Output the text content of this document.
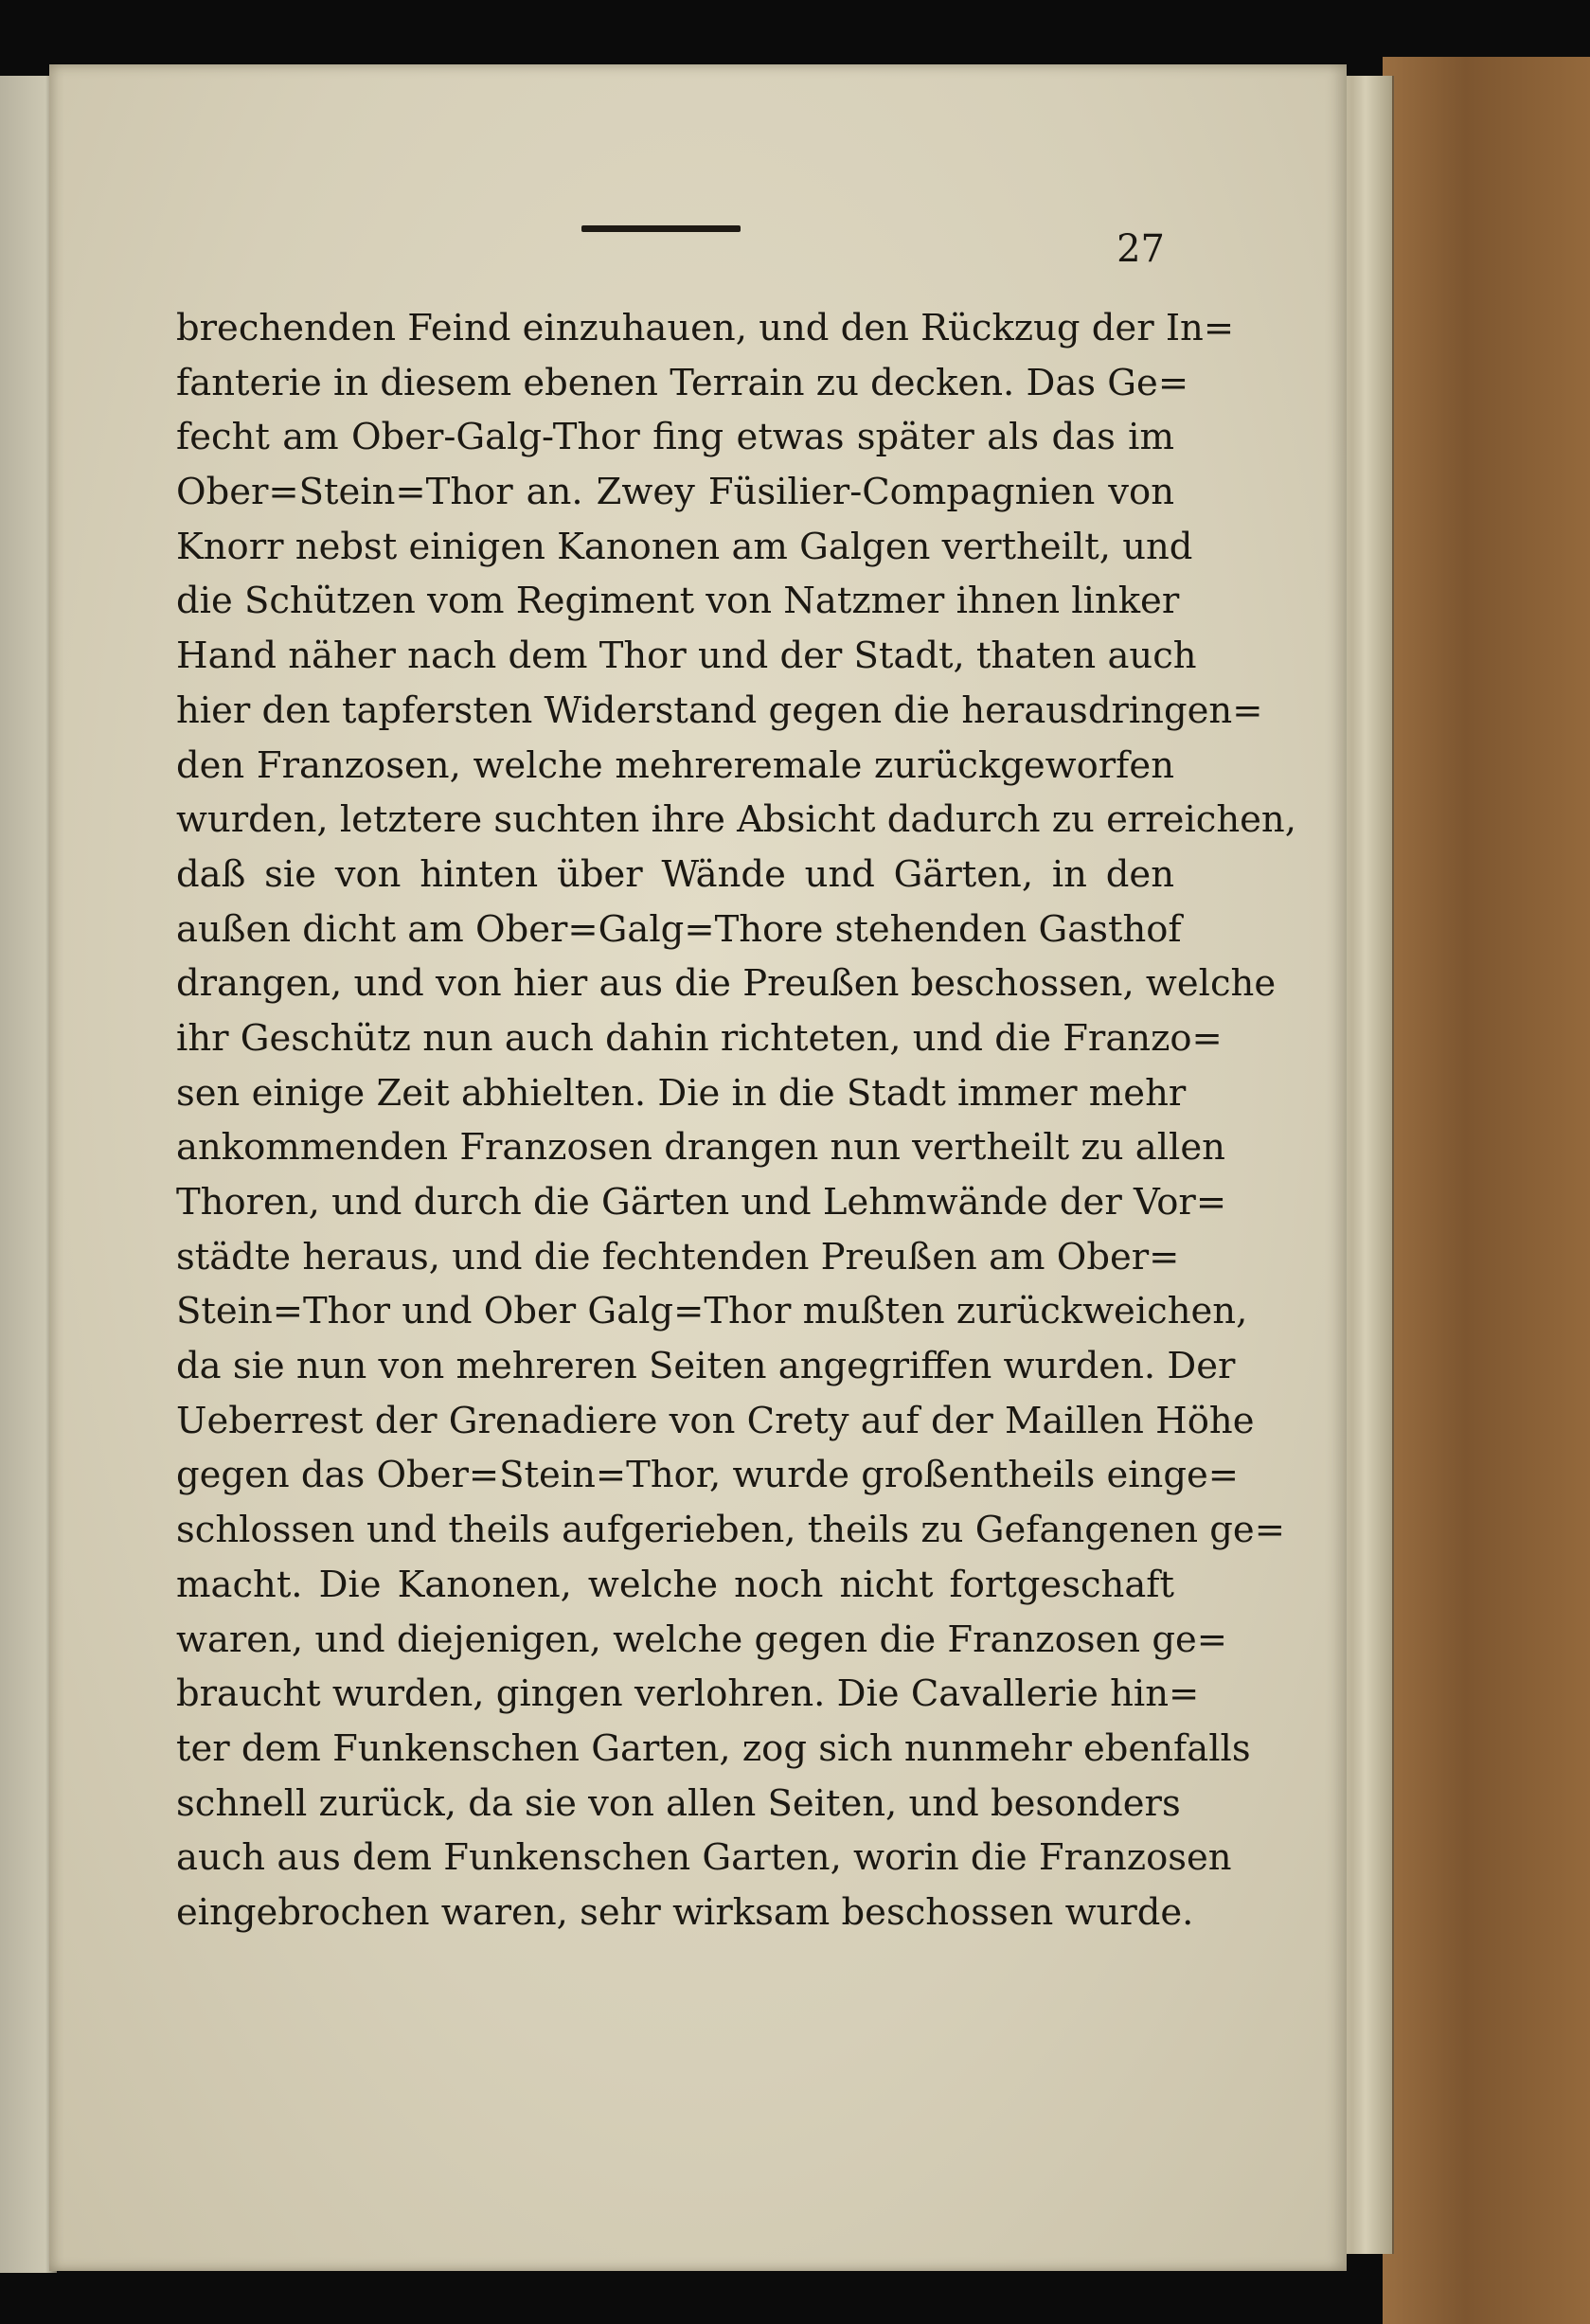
27
brechenden Feind einzuhauen, und den Rückzug der In=
fanterie in diesem ebenen Terrain zu decken. Das Ge=
fecht am Ober-Galg-Thor fing etwas später als das im
Ober=Stein=Thor an. Zwey Füsilier-Compagnien von
Knorr nebst einigen Kanonen am Galgen vertheilt, und
die Schützen vom Regiment von Natzmer ihnen linker
Hand näher nach dem Thor und der Stadt, thaten auch
hier den tapfersten Widerstand gegen die herausdringen=
den Franzosen, welche mehreremale zurückgeworfen
wurden, letztere suchten ihre Absicht dadurch zu erreichen,
daß sie von hinten über Wände und Gärten, in den
außen dicht am Ober=Galg=Thore stehenden Gasthof
drangen, und von hier aus die Preußen beschossen, welche
ihr Geschütz nun auch dahin richteten, und die Franzo=
sen einige Zeit abhielten. Die in die Stadt immer mehr
ankommenden Franzosen drangen nun vertheilt zu allen
Thoren, und durch die Gärten und Lehmwände der Vor=
städte heraus, und die fechtenden Preußen am Ober=
Stein=Thor und Ober Galg=Thor mußten zurückweichen,
da sie nun von mehreren Seiten angegriffen wurden. Der
Ueberrest der Grenadiere von Crety auf der Maillen Höhe
gegen das Ober=Stein=Thor, wurde großentheils einge=
schlossen und theils aufgerieben, theils zu Gefangenen ge=
macht. Die Kanonen, welche noch nicht fortgeschaft
waren, und diejenigen, welche gegen die Franzosen ge=
braucht wurden, gingen verlohren. Die Cavallerie hin=
ter dem Funkenschen Garten, zog sich nunmehr ebenfalls
schnell zurück, da sie von allen Seiten, und besonders
auch aus dem Funkenschen Garten, worin die Franzosen
eingebrochen waren, sehr wirksam beschossen wurde.
